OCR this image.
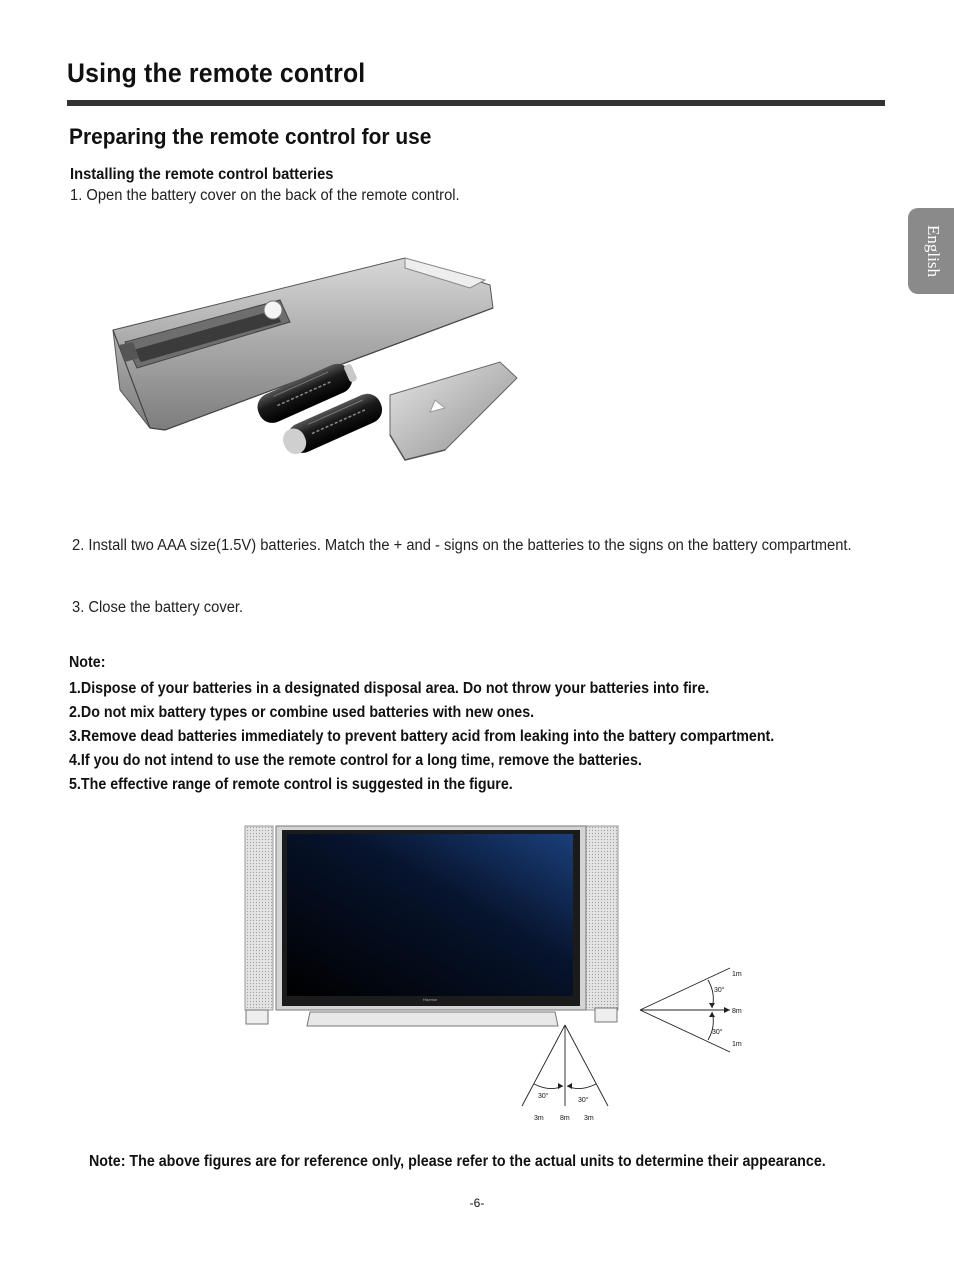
Using the remote control
Preparing the remote control for use
English
Installing the remote control batteries
1. Open the battery cover on the back of the remote control.
2. Install two AAA size(1.5V) batteries. Match the + and - signs on the batteries to the signs on the battery compartment.
3. Close the battery cover.
Note:
1.Dispose of your batteries in a designated disposal area. Do not throw your batteries into fire.
2.Do not mix battery types or combine used batteries with new ones.
3.Remove dead batteries immediately to prevent battery acid from leaking into the battery compartment.
4.If you do not intend to use the remote control for a long time, remove the batteries.
5.The effective range of remote control is suggested in the figure.
Hisense
30°
30°
3m 8m 3m
1m
30°
8m
30°
1m
Note: The above figures are for reference only, please refer to the actual units to determine their appearance.
-6-
